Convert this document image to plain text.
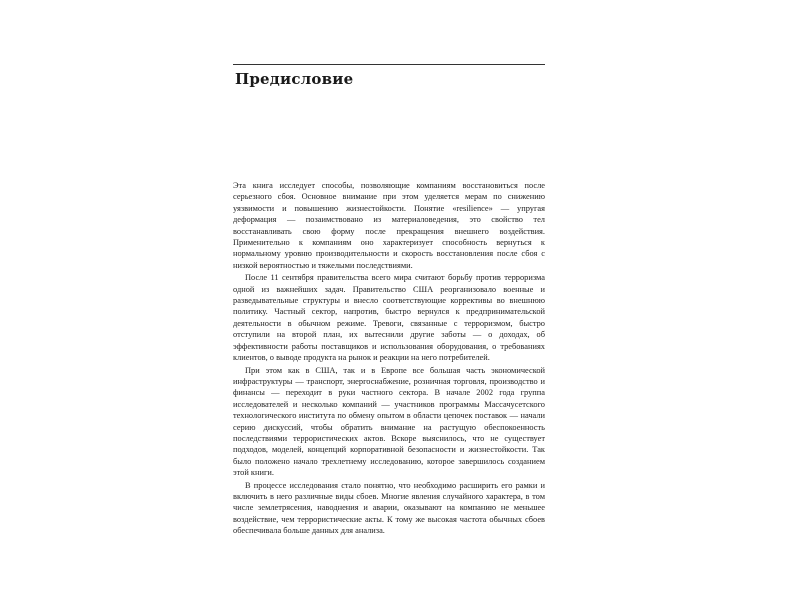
Предисловие

Эта книга исследует способы, позволяющие компаниям восстановиться после серьезного сбоя. Основное внимание при этом уделяется мерам по снижению уязвимости и повышению жизнестойкости. Понятие «resilience» — упругая деформация — позаимствовано из материаловедения, это свойство тел восстанавливать свою форму после прекращения внешнего воздействия. Применительно к компаниям оно характеризует способность вернуться к нормальному уровню производительности и скорость восстановления после сбоя с низкой вероятностью и тяжелыми последствиями.

После 11 сентября правительства всего мира считают борьбу против терроризма одной из важнейших задач. Правительство США реорганизовало военные и разведывательные структуры и внесло соответствующие коррективы во внешнюю политику. Частный сектор, напротив, быстро вернулся к предпринимательской деятельности в обычном режиме. Тревоги, связанные с терроризмом, быстро отступили на второй план, их вытеснили другие заботы — о доходах, об эффективности работы поставщиков и использования оборудования, о требованиях клиентов, о выводе продукта на рынок и реакции на него потребителей.

При этом как в США, так и в Европе все большая часть экономической инфраструктуры — транспорт, энергоснабжение, розничная торговля, производство и финансы — переходит в руки частного сектора. В начале 2002 года группа исследователей и несколько компаний — участников программы Массачусетского технологического института по обмену опытом в области цепочек поставок — начали серию дискуссий, чтобы обратить внимание на растущую обеспокоенность последствиями террористических актов. Вскоре выяснилось, что не существует подходов, моделей, концепций корпоративной безопасности и жизнестойкости. Так было положено начало трехлетнему исследованию, которое завершилось созданием этой книги.

В процессе исследования стало понятно, что необходимо расширить его рамки и включить в него различные виды сбоев. Многие явления случайного характера, в том числе землетрясения, наводнения и аварии, оказывают на компанию не меньшее воздействие, чем террористические акты. К тому же высокая частота обычных сбоев обеспечивала больше данных для анализа.
